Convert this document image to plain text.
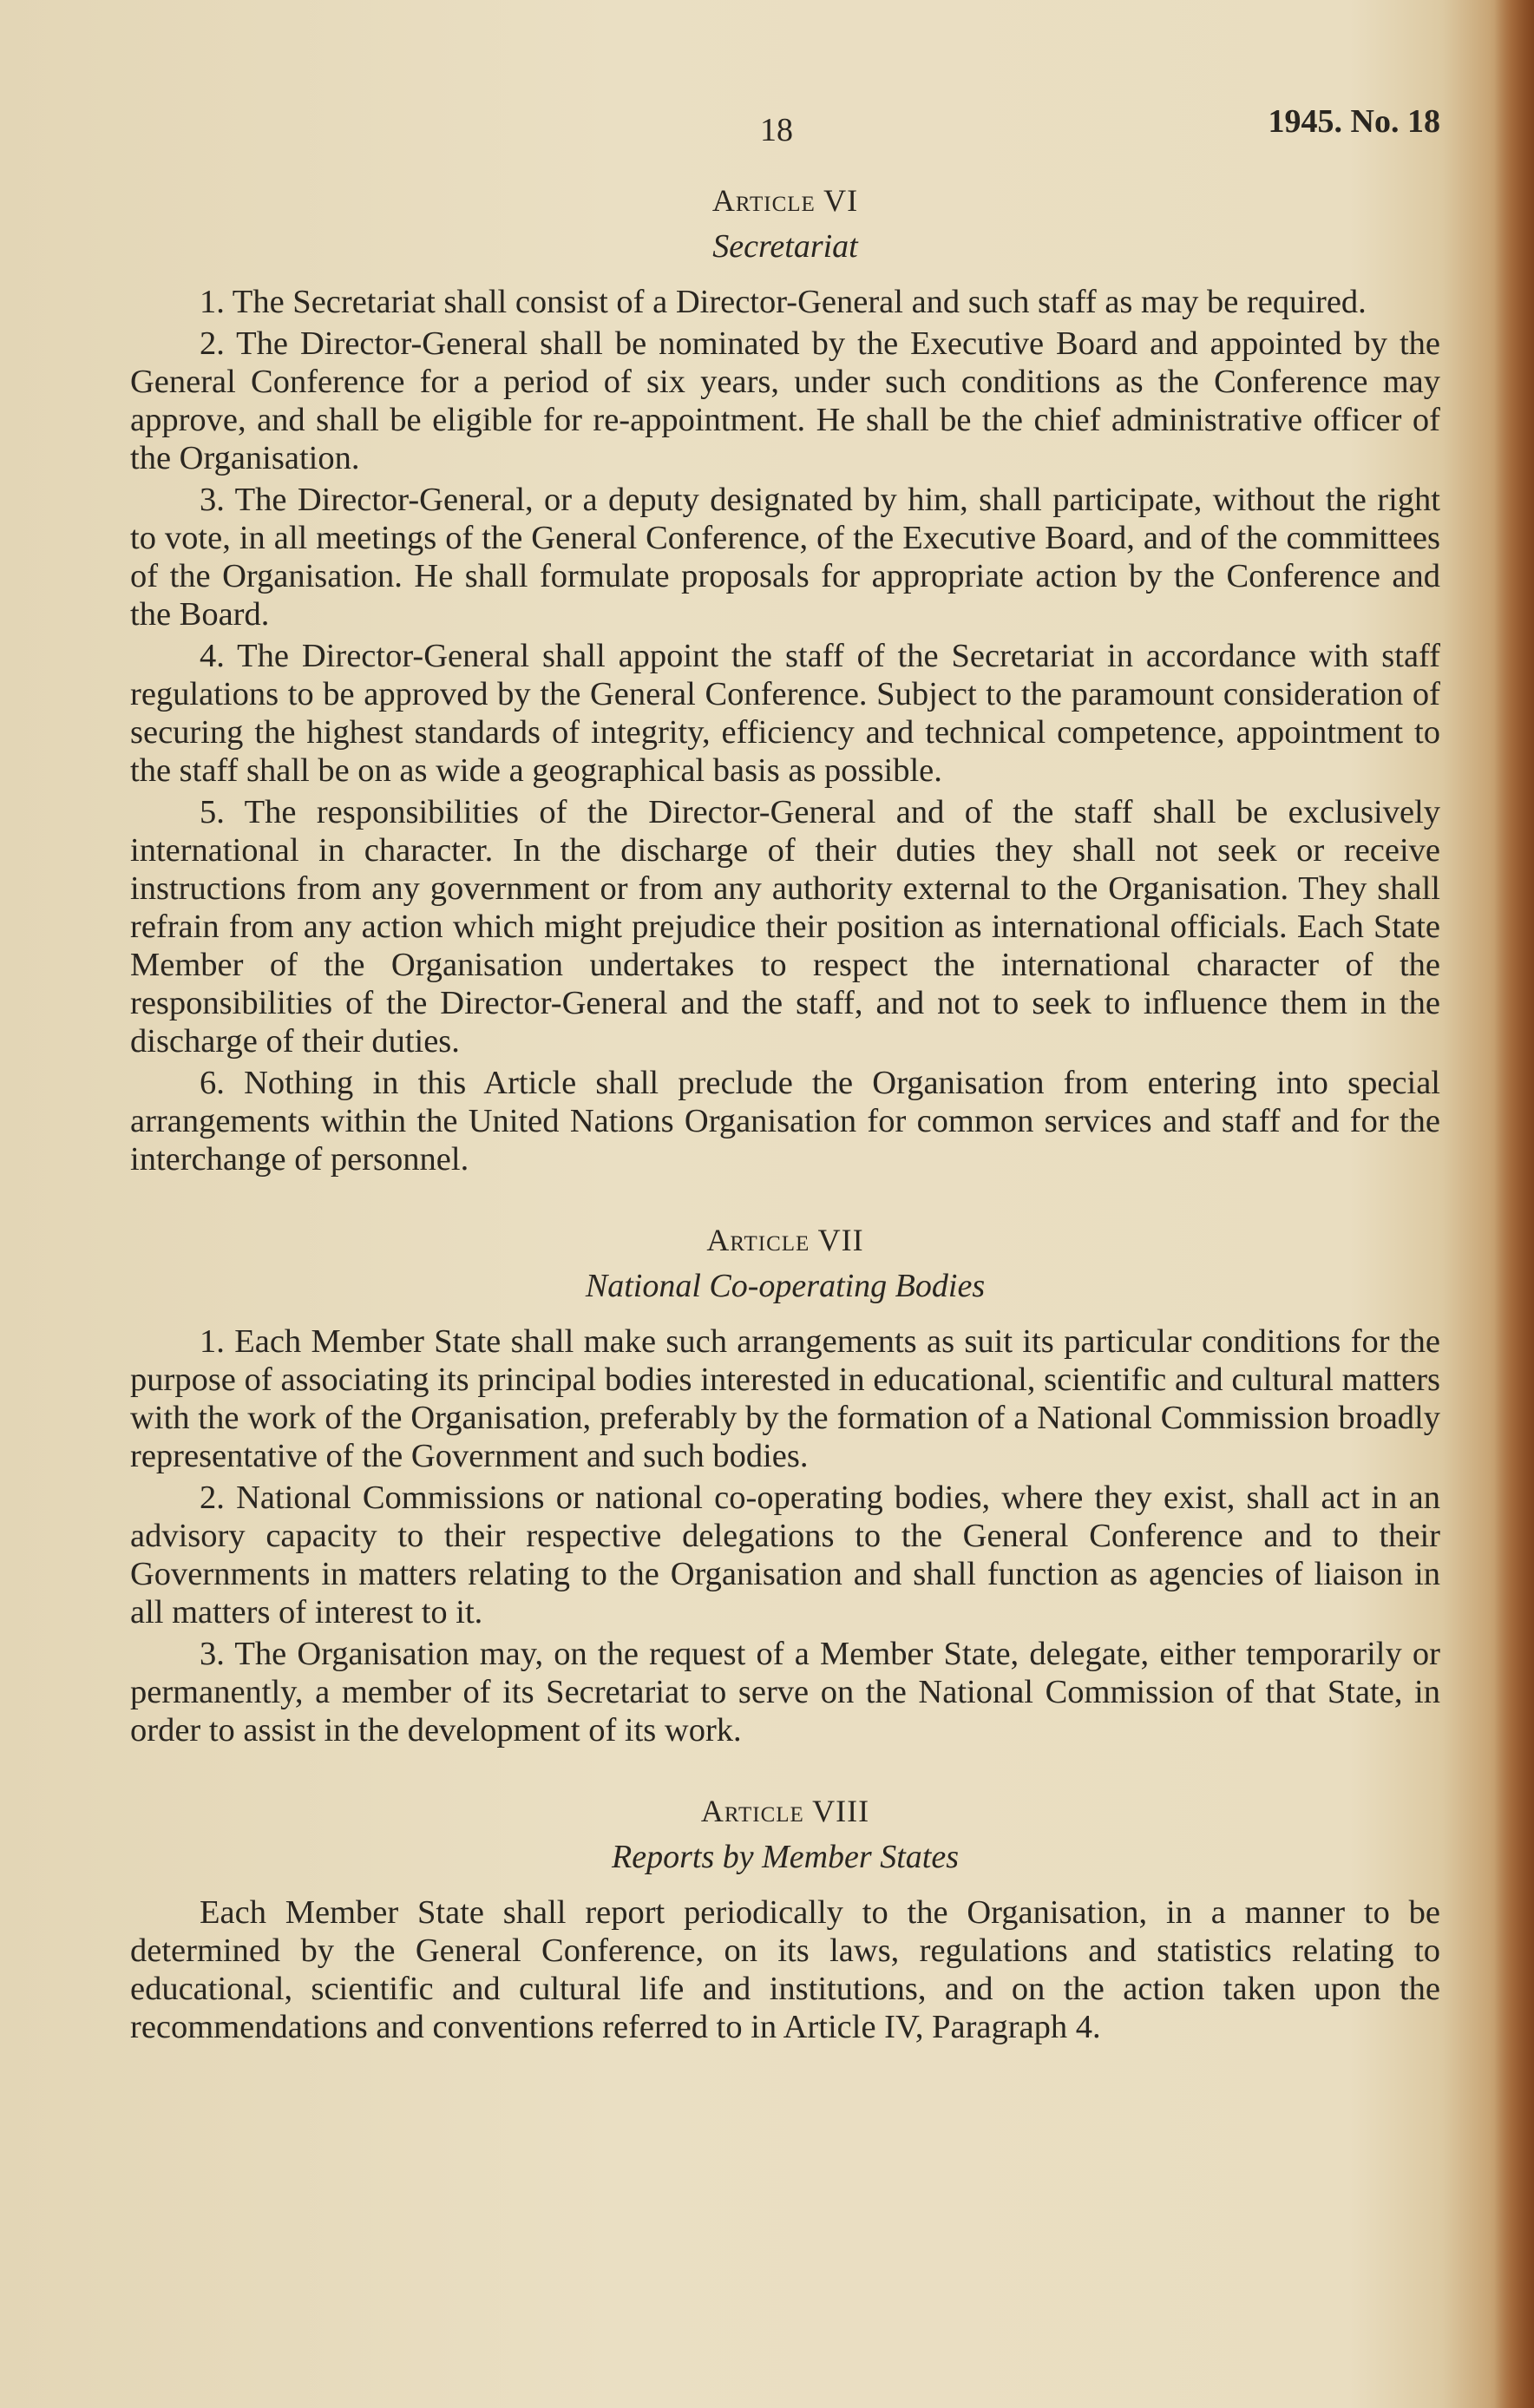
18	1945. No. 18
Article VI
Secretariat

1. The Secretariat shall consist of a Director-General and such staff as may be required.

2. The Director-General shall be nominated by the Executive Board and appointed by the General Conference for a period of six years, under such conditions as the Conference may approve, and shall be eligible for re-appointment. He shall be the chief administrative officer of the Organisation.

3. The Director-General, or a deputy designated by him, shall participate, without the right to vote, in all meetings of the General Conference, of the Executive Board, and of the committees of the Organisation. He shall formulate proposals for appropriate action by the Conference and the Board.

4. The Director-General shall appoint the staff of the Secretariat in accordance with staff regulations to be approved by the General Conference. Subject to the paramount consideration of securing the highest standards of integrity, efficiency and technical competence, appointment to the staff shall be on as wide a geographical basis as possible.

5. The responsibilities of the Director-General and of the staff shall be exclusively international in character. In the discharge of their duties they shall not seek or receive instructions from any government or from any authority external to the Organisation. They shall refrain from any action which might prejudice their position as international officials. Each State Member of the Organisation undertakes to respect the international character of the responsibilities of the Director-General and the staff, and not to seek to influence them in the discharge of their duties.

6. Nothing in this Article shall preclude the Organisation from entering into special arrangements within the United Nations Organisation for common services and staff and for the interchange of personnel.

Article VII
National Co-operating Bodies

1. Each Member State shall make such arrangements as suit its particular conditions for the purpose of associating its principal bodies interested in educational, scientific and cultural matters with the work of the Organisation, preferably by the formation of a National Commission broadly representative of the Government and such bodies.

2. National Commissions or national co-operating bodies, where they exist, shall act in an advisory capacity to their respective delegations to the General Conference and to their Governments in matters relating to the Organisation and shall function as agencies of liaison in all matters of interest to it.

3. The Organisation may, on the request of a Member State, delegate, either temporarily or permanently, a member of its Secretariat to serve on the National Commission of that State, in order to assist in the development of its work.

Article VIII
Reports by Member States

Each Member State shall report periodically to the Organisation, in a manner to be determined by the General Conference, on its laws, regulations and statistics relating to educational, scientific and cultural life and institutions, and on the action taken upon the recommendations and conventions referred to in Article IV, Paragraph 4.
